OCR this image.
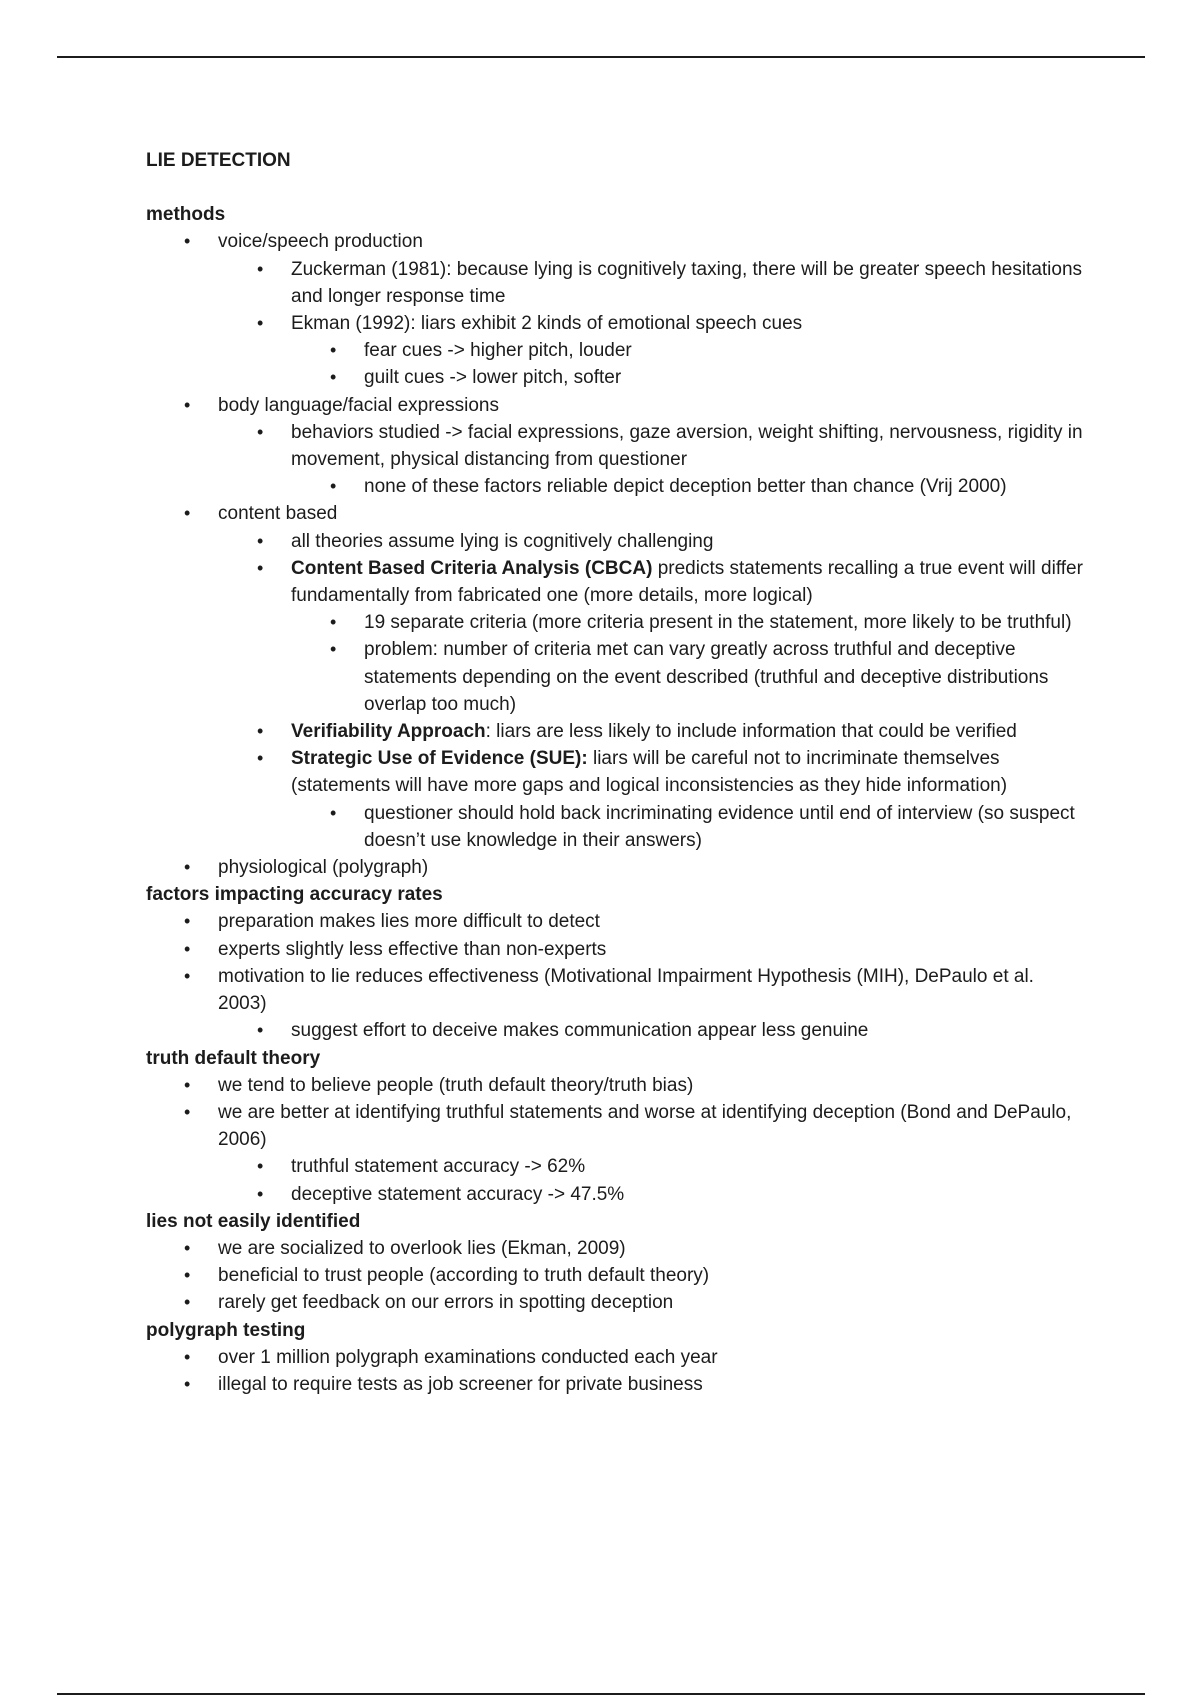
LIE DETECTION

methods

• voice/speech production
• Zuckerman (1981): because lying is cognitively taxing, there will be greater speech hesitations and longer response time
• Ekman (1992): liars exhibit 2 kinds of emotional speech cues
• fear cues -> higher pitch, louder
• guilt cues -> lower pitch, softer
• body language/facial expressions
• behaviors studied -> facial expressions, gaze aversion, weight shifting, nervousness, rigidity in movement, physical distancing from questioner
• none of these factors reliable depict deception better than chance (Vrij 2000)
• content based
• all theories assume lying is cognitively challenging
• Content Based Criteria Analysis (CBCA) predicts statements recalling a true event will differ fundamentally from fabricated one (more details, more logical)
• 19 separate criteria (more criteria present in the statement, more likely to be truthful)
• problem: number of criteria met can vary greatly across truthful and deceptive statements depending on the event described (truthful and deceptive distributions overlap too much)
• Verifiability Approach: liars are less likely to include information that could be verified
• Strategic Use of Evidence (SUE): liars will be careful not to incriminate themselves (statements will have more gaps and logical inconsistencies as they hide information)
• questioner should hold back incriminating evidence until end of interview (so suspect doesn’t use knowledge in their answers)
• physiological (polygraph)

factors impacting accuracy rates

• preparation makes lies more difficult to detect
• experts slightly less effective than non-experts
• motivation to lie reduces effectiveness (Motivational Impairment Hypothesis (MIH), DePaulo et al. 2003)
• suggest effort to deceive makes communication appear less genuine

truth default theory

• we tend to believe people (truth default theory/truth bias)
• we are better at identifying truthful statements and worse at identifying deception (Bond and DePaulo, 2006)
• truthful statement accuracy -> 62%
• deceptive statement accuracy -> 47.5%

lies not easily identified

• we are socialized to overlook lies (Ekman, 2009)
• beneficial to trust people (according to truth default theory)
• rarely get feedback on our errors in spotting deception

polygraph testing

• over 1 million polygraph examinations conducted each year
• illegal to require tests as job screener for private business
